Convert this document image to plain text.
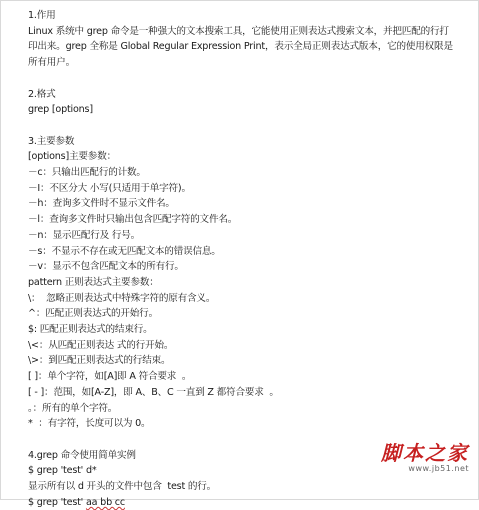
1.作用

Linux 系统中 grep 命令是一种强大的文本搜索工具，它能使用正则表达式搜索文本，并把匹配的行打印出来。grep 全称是 Global Regular Expression Print，表示全局正则表达式版本，它的使用权限是所有用户。

2.格式

grep [options]

3.主要参数

[options]主要参数：

－c：只输出匹配行的计数。

－I：不区分大 小写(只适用于单字符)。

－h：查询多文件时不显示文件名。

－l：查询多文件时只输出包含匹配字符的文件名。

－n：显示匹配行及 行号。

－s：不显示不存在或无匹配文本的错误信息。

－v：显示不包含匹配文本的所有行。

pattern 正则表达式主要参数：

\：  忽略正则表达式中特殊字符的原有含义。

^：匹配正则表达式的开始行。

$: 匹配正则表达式的结束行。

\<：从匹配正则表达 式的行开始。

\>：到匹配正则表达式的行结束。

[ ]：单个字符，如[A]即 A 符合要求  。

[ - ]：范围，如[A-Z]，即 A、B、C 一直到 Z 都符合要求  。

。：所有的单个字符。

*  ：有字符，长度可以为 0。

4.grep 命令使用简单实例

$ grep 'test' d*

显示所有以 d 开头的文件中包含  test 的行。

$ grep 'test' aa bb cc

脚本之家
www.jb51.net
